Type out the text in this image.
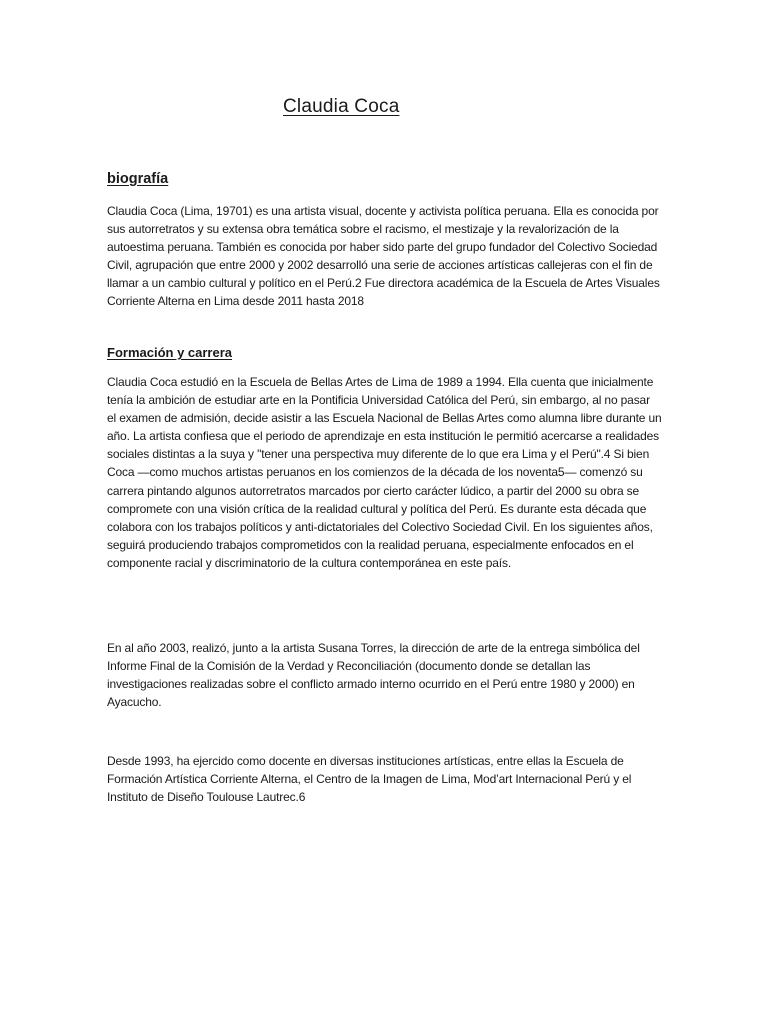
Claudia Coca
biografía

Claudia Coca (Lima, 19701) es una artista visual, docente y activista política peruana. Ella es conocida por sus autorretratos y su extensa obra temática sobre el racismo, el mestizaje y la revalorización de la autoestima peruana. También es conocida por haber sido parte del grupo fundador del Colectivo Sociedad Civil, agrupación que entre 2000 y 2002 desarrolló una serie de acciones artísticas callejeras con el fin de llamar a un cambio cultural y político en el Perú.2 Fue directora académica de la Escuela de Artes Visuales Corriente Alterna en Lima desde 2011 hasta 2018

Formación y carrera

Claudia Coca estudió en la Escuela de Bellas Artes de Lima de 1989 a 1994. Ella cuenta que inicialmente tenía la ambición de estudiar arte en la Pontificia Universidad Católica del Perú, sin embargo, al no pasar el examen de admisión, decide asistir a las Escuela Nacional de Bellas Artes como alumna libre durante un año. La artista confiesa que el periodo de aprendizaje en esta institución le permitió acercarse a realidades sociales distintas a la suya y "tener una perspectiva muy diferente de lo que era Lima y el Perú".4 Si bien Coca —como muchos artistas peruanos en los comienzos de la década de los noventa5— comenzó su carrera pintando algunos autorretratos marcados por cierto carácter lúdico, a partir del 2000 su obra se compromete con una visión crítica de la realidad cultural y política del Perú. Es durante esta década que colabora con los trabajos políticos y anti-dictatoriales del Colectivo Sociedad Civil. En los siguientes años, seguirá produciendo trabajos comprometidos con la realidad peruana, especialmente enfocados en el componente racial y discriminatorio de la cultura contemporánea en este país.

En al año 2003, realizó, junto a la artista Susana Torres, la dirección de arte de la entrega simbólica del Informe Final de la Comisión de la Verdad y Reconciliación (documento donde se detallan las investigaciones realizadas sobre el conflicto armado interno ocurrido en el Perú entre 1980 y 2000) en Ayacucho.

Desde 1993, ha ejercido como docente en diversas instituciones artísticas, entre ellas la Escuela de Formación Artística Corriente Alterna, el Centro de la Imagen de Lima, Mod’art Internacional Perú y el Instituto de Diseño Toulouse Lautrec.6
